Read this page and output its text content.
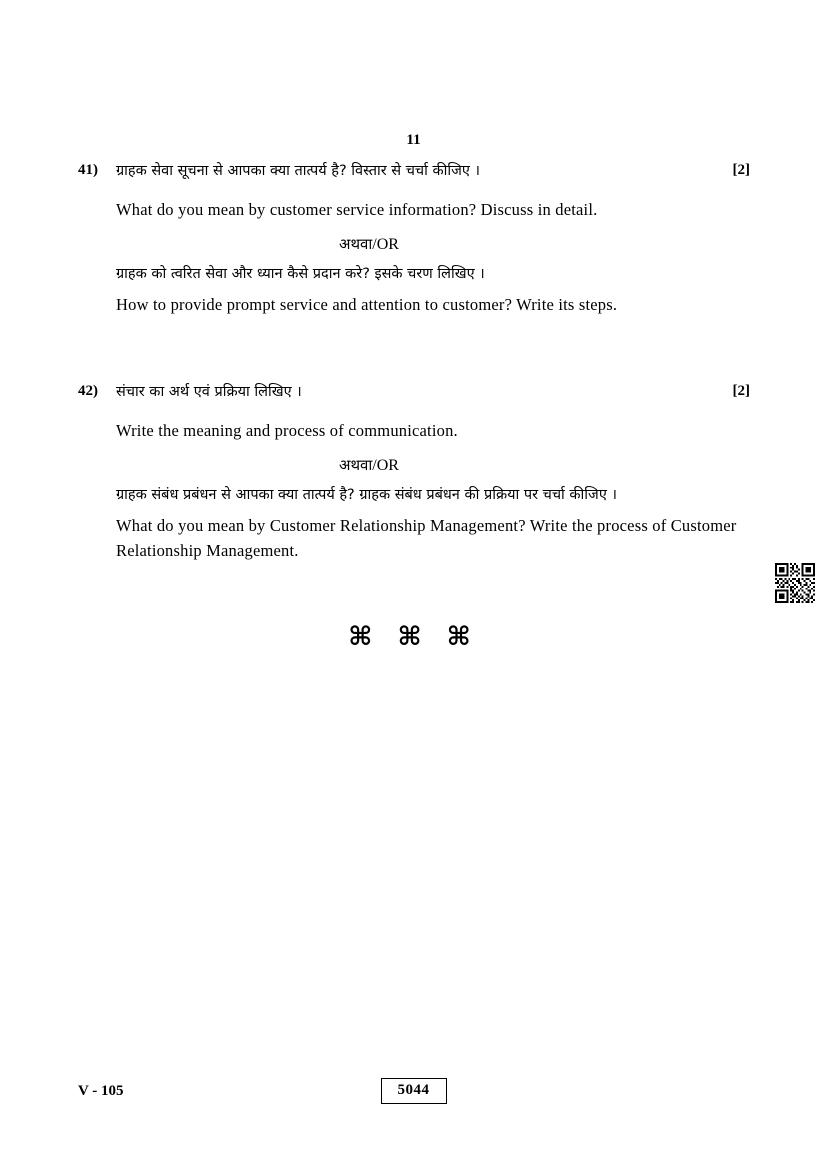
11
41) ग्राहक सेवा सूचना से आपका क्या तात्पर्य है? विस्तार से चर्चा कीजिए ।	[2]
What do you mean by customer service information? Discuss in detail.
अथवा/OR
ग्राहक को त्वरित सेवा और ध्यान कैसे प्रदान करे? इसके चरण लिखिए ।
How to provide prompt service and attention to customer? Write its steps.
42) संचार का अर्थ एवं प्रक्रिया लिखिए ।	[2]
Write the meaning and process of communication.
अथवा/OR
ग्राहक संबंध प्रबंधन से आपका क्या तात्पर्य है? ग्राहक संबंध प्रबंधन की प्रक्रिया पर चर्चा कीजिए ।
What do you mean by Customer Relationship Management? Write the process of Customer Relationship Management.
⌘ ⌘ ⌘
V - 105	5044
